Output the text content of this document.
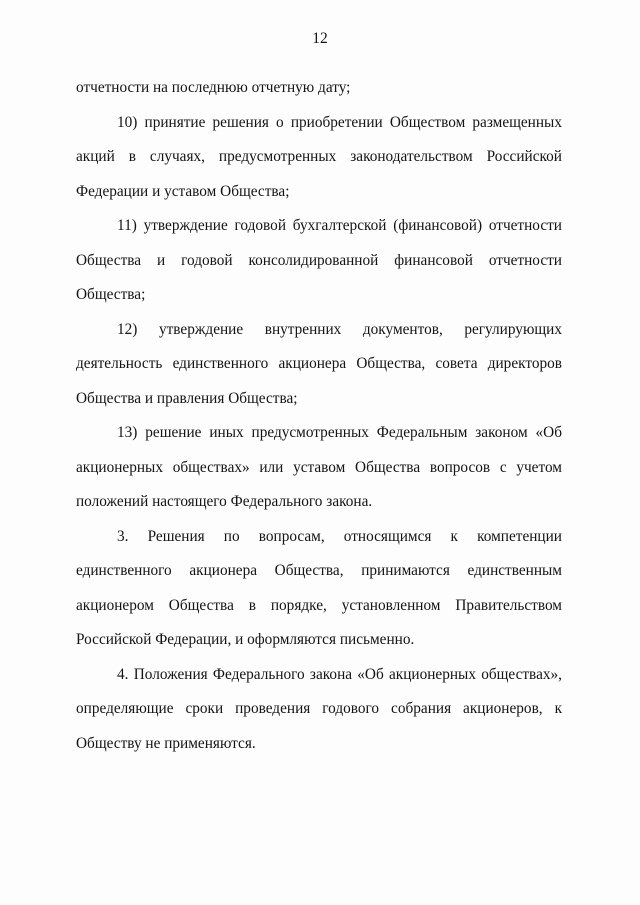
12

отчетности на последнюю отчетную дату;

10) принятие решения о приобретении Обществом размещенных акций в случаях, предусмотренных законодательством Российской Федерации и уставом Общества;

11) утверждение годовой бухгалтерской (финансовой) отчетности Общества и годовой консолидированной финансовой отчетности Общества;

12) утверждение внутренних документов, регулирующих деятельность единственного акционера Общества, совета директоров Общества и правления Общества;

13) решение иных предусмотренных Федеральным законом «Об акционерных обществах» или уставом Общества вопросов с учетом положений настоящего Федерального закона.

3. Решения по вопросам, относящимся к компетенции единственного акционера Общества, принимаются единственным акционером Общества в порядке, установленном Правительством Российской Федерации, и оформляются письменно.

4. Положения Федерального закона «Об акционерных обществах», определяющие сроки проведения годового собрания акционеров, к Обществу не применяются.
